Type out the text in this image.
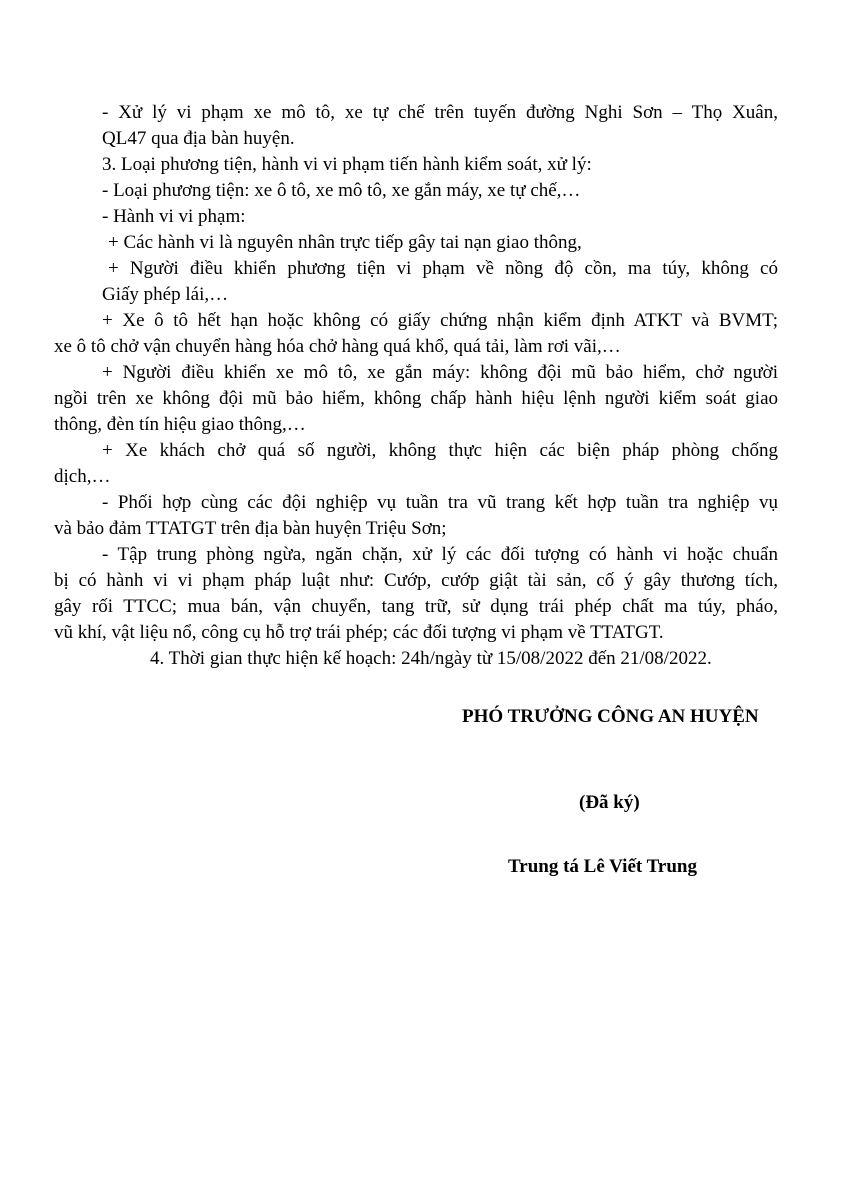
- Xử lý vi phạm xe mô tô, xe tự chế trên tuyến đường Nghi Sơn – Thọ Xuân,
QL47 qua địa bàn huyện.
3. Loại phương tiện, hành vi vi phạm tiến hành kiểm soát, xử lý:
- Loại phương tiện: xe ô tô, xe mô tô, xe gắn máy, xe tự chế,…
- Hành vi vi phạm:
+ Các hành vi là nguyên nhân trực tiếp gây tai nạn giao thông,
+ Người điều khiển phương tiện vi phạm về nồng độ cồn, ma túy, không có
Giấy phép lái,…
+ Xe ô tô hết hạn hoặc không có giấy chứng nhận kiểm định ATKT và BVMT;
xe ô tô chở vận chuyển hàng hóa chở hàng quá khổ, quá tải, làm rơi vãi,…
+ Người điều khiển xe mô tô, xe gắn máy: không đội mũ bảo hiểm, chở người
ngồi trên xe không đội mũ bảo hiểm, không chấp hành hiệu lệnh người kiểm soát giao
thông, đèn tín hiệu giao thông,…
+ Xe khách chở quá số người, không thực hiện các biện pháp phòng chống
dịch,…
- Phối hợp cùng các đội nghiệp vụ tuần tra vũ trang kết hợp tuần tra nghiệp vụ
và bảo đảm TTATGT trên địa bàn huyện Triệu Sơn;
- Tập trung phòng ngừa, ngăn chặn, xử lý các đối tượng có hành vi hoặc chuẩn
bị có hành vi vi phạm pháp luật như: Cướp, cướp giật tài sản, cố ý gây thương tích,
gây rối TTCC; mua bán, vận chuyển, tang trữ, sử dụng trái phép chất ma túy, pháo,
vũ khí, vật liệu nổ, công cụ hỗ trợ trái phép; các đối tượng vi phạm về TTATGT.
4. Thời gian thực hiện kế hoạch: 24h/ngày từ 15/08/2022 đến 21/08/2022.
PHÓ TRƯỞNG CÔNG AN HUYỆN
(Đã ký)
Trung tá Lê Viết Trung
